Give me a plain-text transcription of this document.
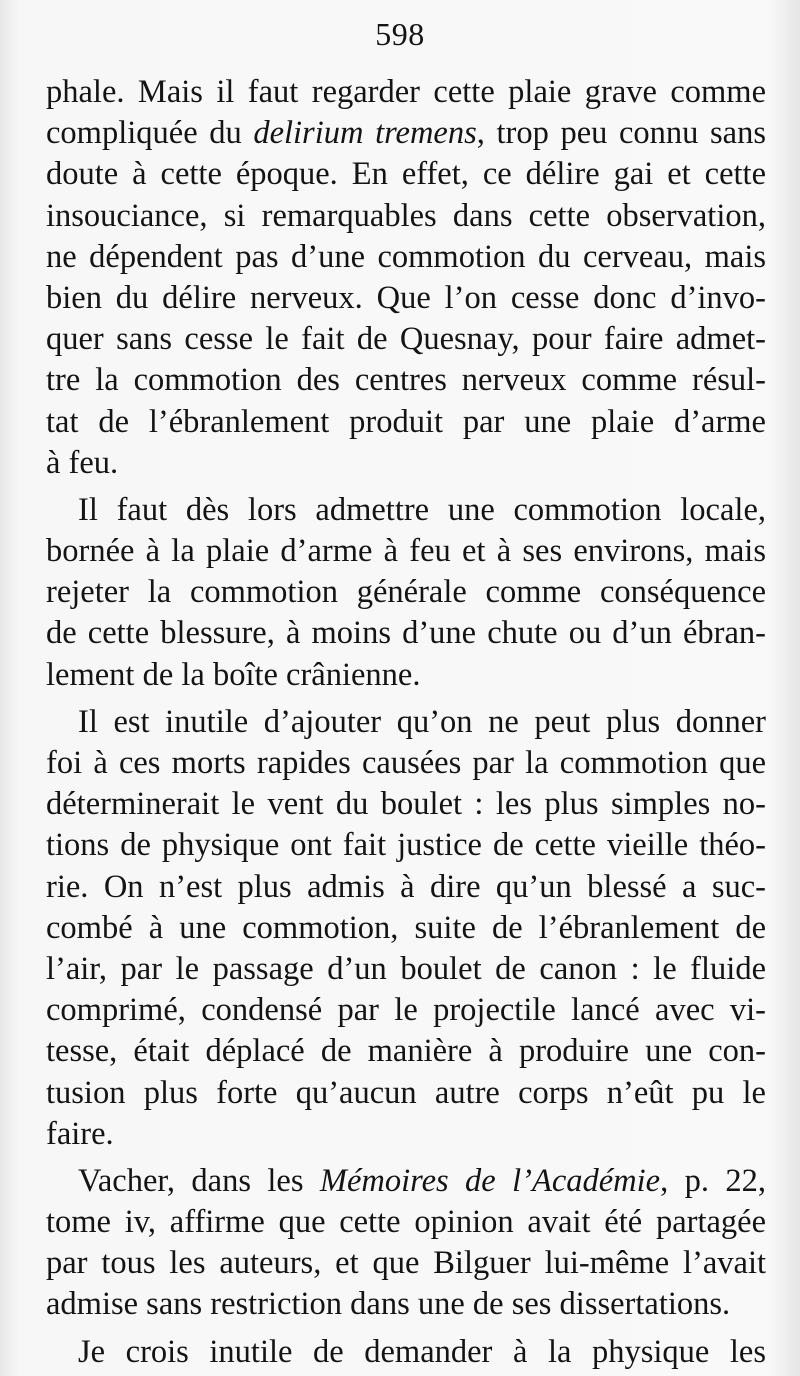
598
phale. Mais il faut regarder cette plaie grave comme
compliquée du delirium tremens, trop peu connu sans
doute à cette époque. En effet, ce délire gai et cette
insouciance, si remarquables dans cette observation,
ne dépendent pas d’une commotion du cerveau, mais
bien du délire nerveux. Que l’on cesse donc d’invo-
quer sans cesse le fait de Quesnay, pour faire admet-
tre la commotion des centres nerveux comme résul-
tat de l’ébranlement produit par une plaie d’arme
à feu.
Il faut dès lors admettre une commotion locale,
bornée à la plaie d’arme à feu et à ses environs, mais
rejeter la commotion générale comme conséquence
de cette blessure, à moins d’une chute ou d’un ébran-
lement de la boîte crânienne.
Il est inutile d’ajouter qu’on ne peut plus donner
foi à ces morts rapides causées par la commotion que
déterminerait le vent du boulet : les plus simples no-
tions de physique ont fait justice de cette vieille théo-
rie. On n’est plus admis à dire qu’un blessé a suc-
combé à une commotion, suite de l’ébranlement de
l’air, par le passage d’un boulet de canon : le fluide
comprimé, condensé par le projectile lancé avec vi-
tesse, était déplacé de manière à produire une con-
tusion plus forte qu’aucun autre corps n’eût pu le
faire.
Vacher, dans les Mémoires de l’Académie, p. 22,
tome iv, affirme que cette opinion avait été partagée
par tous les auteurs, et que Bilguer lui-même l’avait
admise sans restriction dans une de ses dissertations.
Je crois inutile de demander à la physique les
